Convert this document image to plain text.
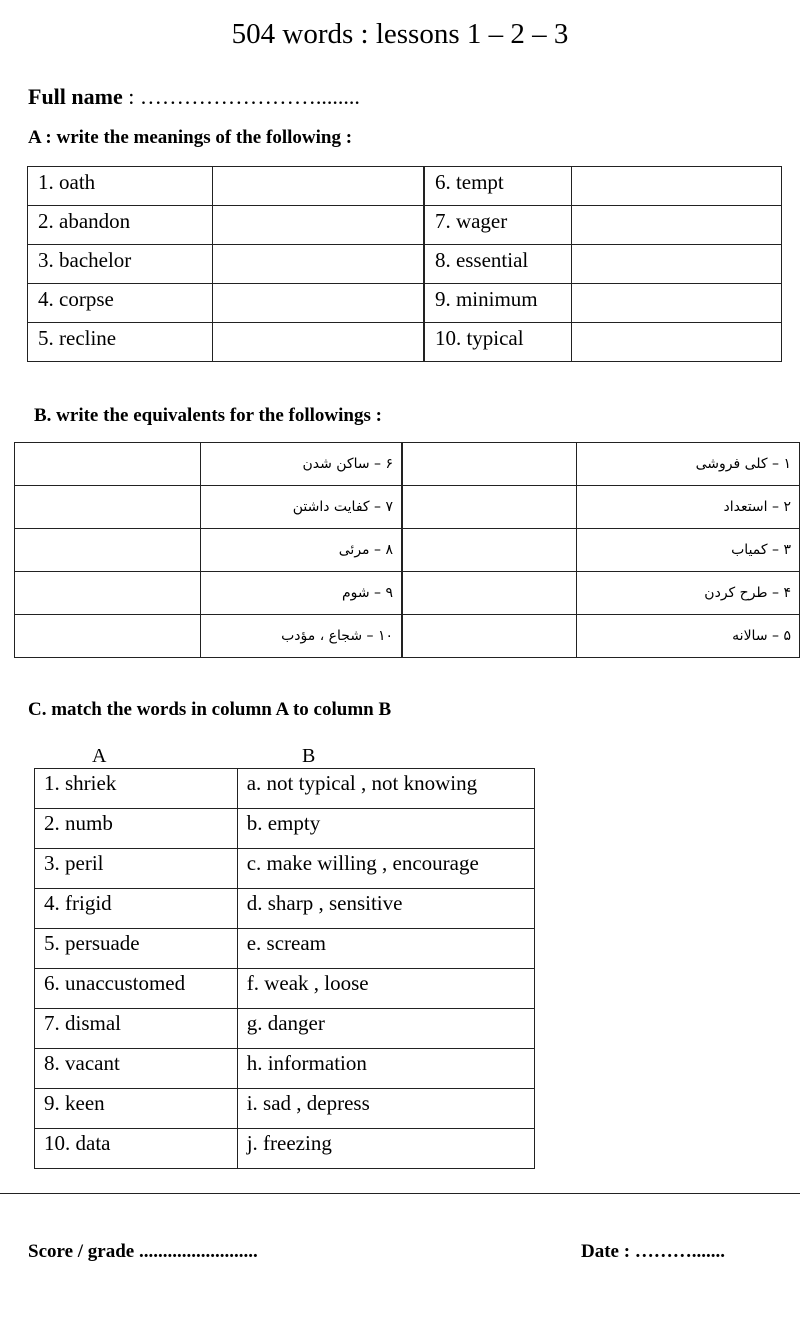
504 words : lessons 1 – 2 – 3
Full name : ……………………........
A : write the meanings of the following :
1. oath		6. tempt	
2. abandon		7. wager	
3. bachelor		8. essential	
4. corpse		9. minimum	
5. recline		10. typical	
B. write the equivalents for the followings :
	۶ – ساکن شدن		۱ – کلی فروشی
	۷ – کفایت داشتن		۲ – استعداد
	۸ – مرئی		۳ – کمیاب
	۹ – شوم		۴ – طرح کردن
	۱۰ – شجاع ، مؤدب		۵ – سالانه
C. match the words in column A to column B
A	B
1. shriek	a. not typical , not knowing
2. numb	b. empty
3. peril	c. make willing , encourage
4. frigid	d. sharp , sensitive
5. persuade	e. scream
6. unaccustomed	f. weak , loose
7. dismal	g. danger
8. vacant	h. information
9. keen	i. sad , depress
10. data	j. freezing
Score / grade .........................	Date : ……….......
